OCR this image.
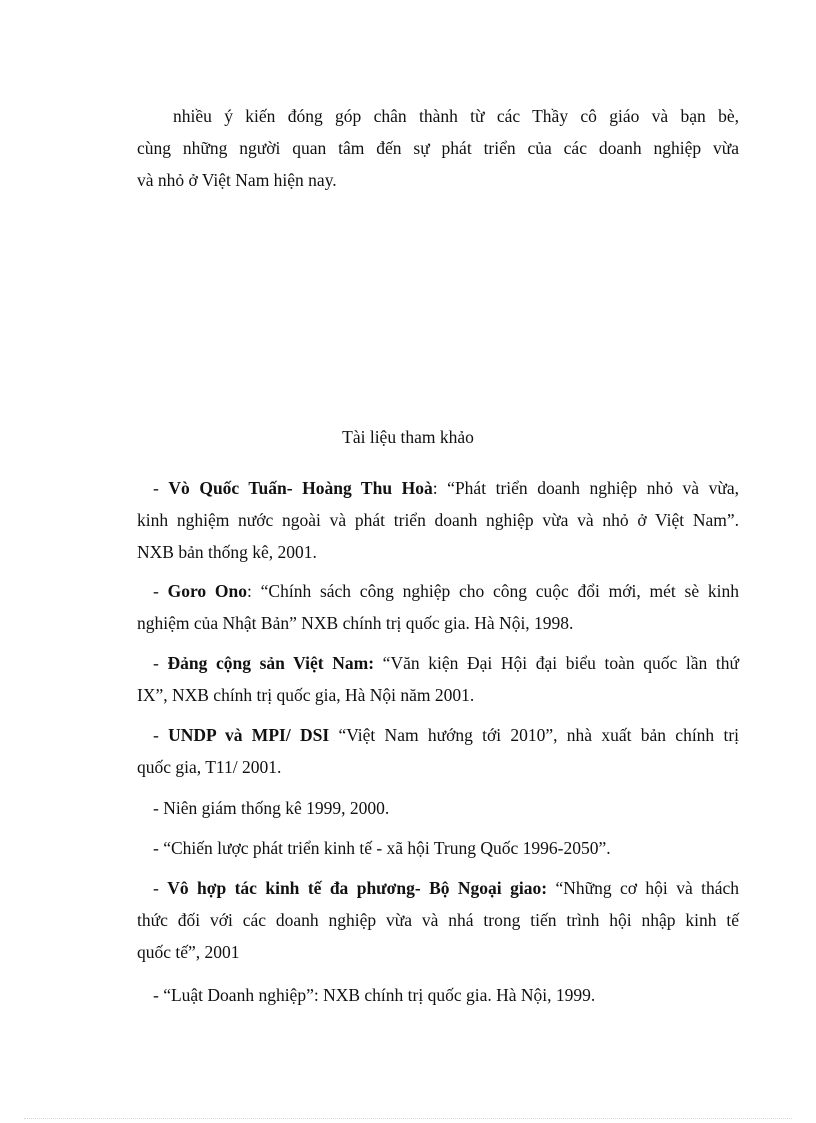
nhiều ý kiến đóng góp chân thành từ các Thầy cô giáo và bạn bè,
cùng những người quan tâm đến sự phát triển của các doanh nghiệp vừa
và nhỏ ở Việt Nam hiện nay.
Tài liệu tham khảo
- Vò Quốc Tuấn- Hoàng Thu Hoà: “Phát triển doanh nghiệp nhỏ và vừa,
kinh nghiệm nước ngoài và phát triển doanh nghiệp vừa và nhỏ ở Việt Nam”.
NXB bản thống kê, 2001.
- Goro Ono: “Chính sách công nghiệp cho công cuộc đổi mới, mét sè kinh
nghiệm của Nhật Bản” NXB chính trị quốc gia. Hà Nội, 1998.
- Đảng cộng sản Việt Nam: “Văn kiện Đại Hội đại biểu toàn quốc lần thứ
IX”, NXB chính trị quốc gia, Hà Nội năm 2001.
- UNDP và MPI/ DSI “Việt Nam hướng tới 2010”, nhà xuất bản chính trị
quốc gia, T11/ 2001.
- Niên giám thống kê 1999, 2000.
- “Chiến lược phát triển kinh tế - xã hội Trung Quốc 1996-2050”.
- Vô hợp tác kinh tế đa phương- Bộ Ngoại giao: “Những cơ hội và thách
thức đối với các doanh nghiệp vừa và nhá trong tiến trình hội nhập kinh tế
quốc tế”, 2001
- “Luật Doanh nghiệp”: NXB chính trị quốc gia. Hà Nội, 1999.
